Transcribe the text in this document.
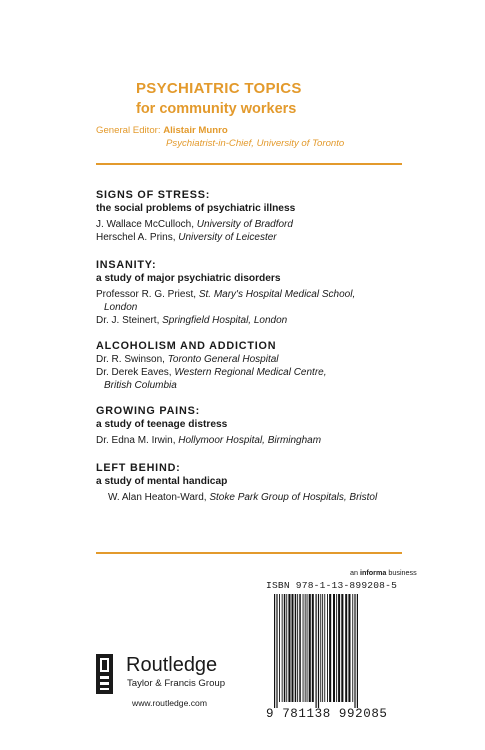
PSYCHIATRIC TOPICS
for community workers
General Editor: Alistair Munro
Psychiatrist-in-Chief, University of Toronto
SIGNS OF STRESS:
the social problems of psychiatric illness
J. Wallace McCulloch, University of Bradford
Herschel A. Prins, University of Leicester
INSANITY:
a study of major psychiatric disorders
Professor R. G. Priest, St. Mary's Hospital Medical School,
London
Dr. J. Steinert, Springfield Hospital, London
ALCOHOLISM AND ADDICTION
Dr. R. Swinson, Toronto General Hospital
Dr. Derek Eaves, Western Regional Medical Centre,
British Columbia
GROWING PAINS:
a study of teenage distress
Dr. Edna M. Irwin, Hollymoor Hospital, Birmingham
LEFT BEHIND:
a study of mental handicap
W. Alan Heaton-Ward, Stoke Park Group of Hospitals, Bristol
an informa business
ISBN 978-1-13-899208-5
9 781138 992085
Routledge
Taylor & Francis Group
www.routledge.com
